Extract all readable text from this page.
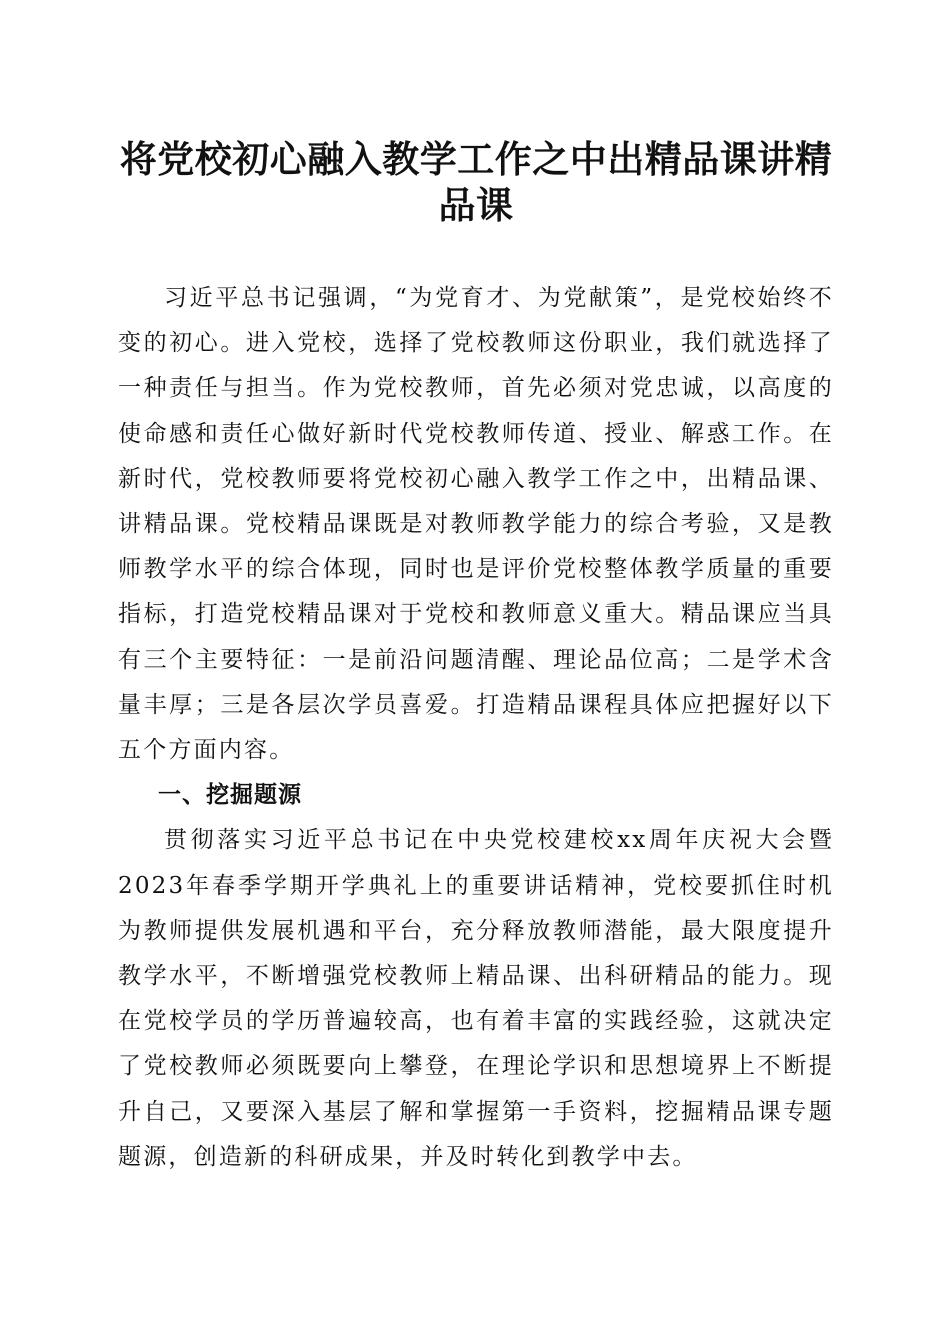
将党校初心融入教学工作之中出精品课讲精品课

习近平总书记强调，“为党育才、为党献策”，是党校始终不变的初心。进入党校，选择了党校教师这份职业，我们就选择了一种责任与担当。作为党校教师，首先必须对党忠诚，以高度的使命感和责任心做好新时代党校教师传道、授业、解惑工作。在新时代，党校教师要将党校初心融入教学工作之中，出精品课、讲精品课。党校精品课既是对教师教学能力的综合考验，又是教师教学水平的综合体现，同时也是评价党校整体教学质量的重要指标，打造党校精品课对于党校和教师意义重大。精品课应当具有三个主要特征：一是前沿问题清醒、理论品位高；二是学术含量丰厚；三是各层次学员喜爱。打造精品课程具体应把握好以下五个方面内容。

一、挖掘题源

贯彻落实习近平总书记在中央党校建校xx周年庆祝大会暨2023年春季学期开学典礼上的重要讲话精神，党校要抓住时机为教师提供发展机遇和平台，充分释放教师潜能，最大限度提升教学水平，不断增强党校教师上精品课、出科研精品的能力。现在党校学员的学历普遍较高，也有着丰富的实践经验，这就决定了党校教师必须既要向上攀登，在理论学识和思想境界上不断提升自己，又要深入基层了解和掌握第一手资料，挖掘精品课专题题源，创造新的科研成果，并及时转化到教学中去。
